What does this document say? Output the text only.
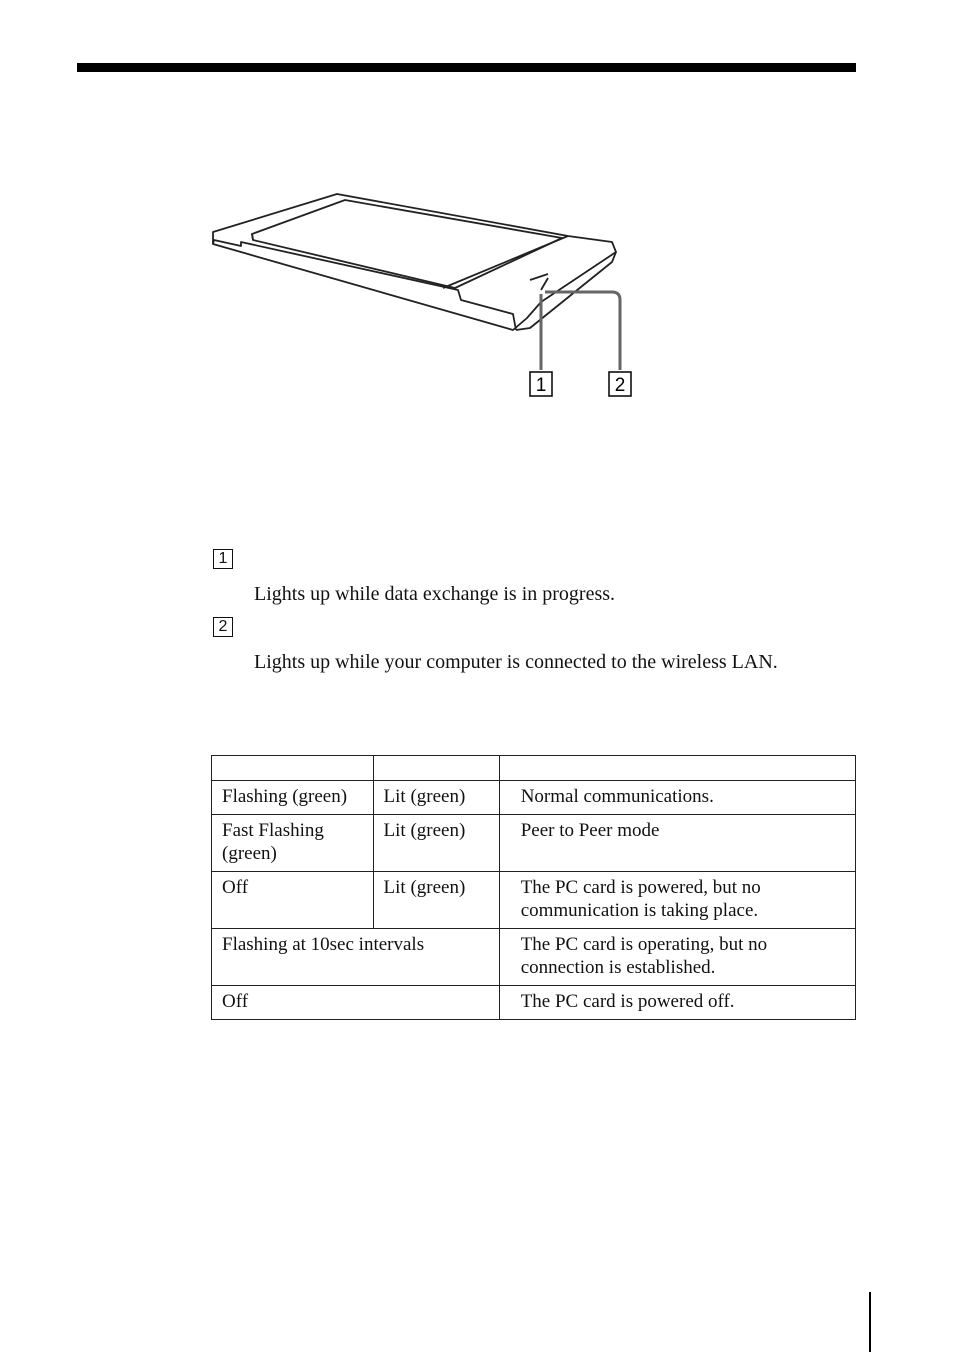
1	2
1
Lights up while data exchange is in progress.
2
Lights up while your computer is connected to the wireless LAN.

Flashing (green)	Lit (green)	Normal communications.
Fast Flashing (green)	Lit (green)	Peer to Peer mode
Off	Lit (green)	The PC card is powered, but no communication is taking place.
Flashing at 10sec intervals		The PC card is operating, but no connection is established.
Off		The PC card is powered off.
